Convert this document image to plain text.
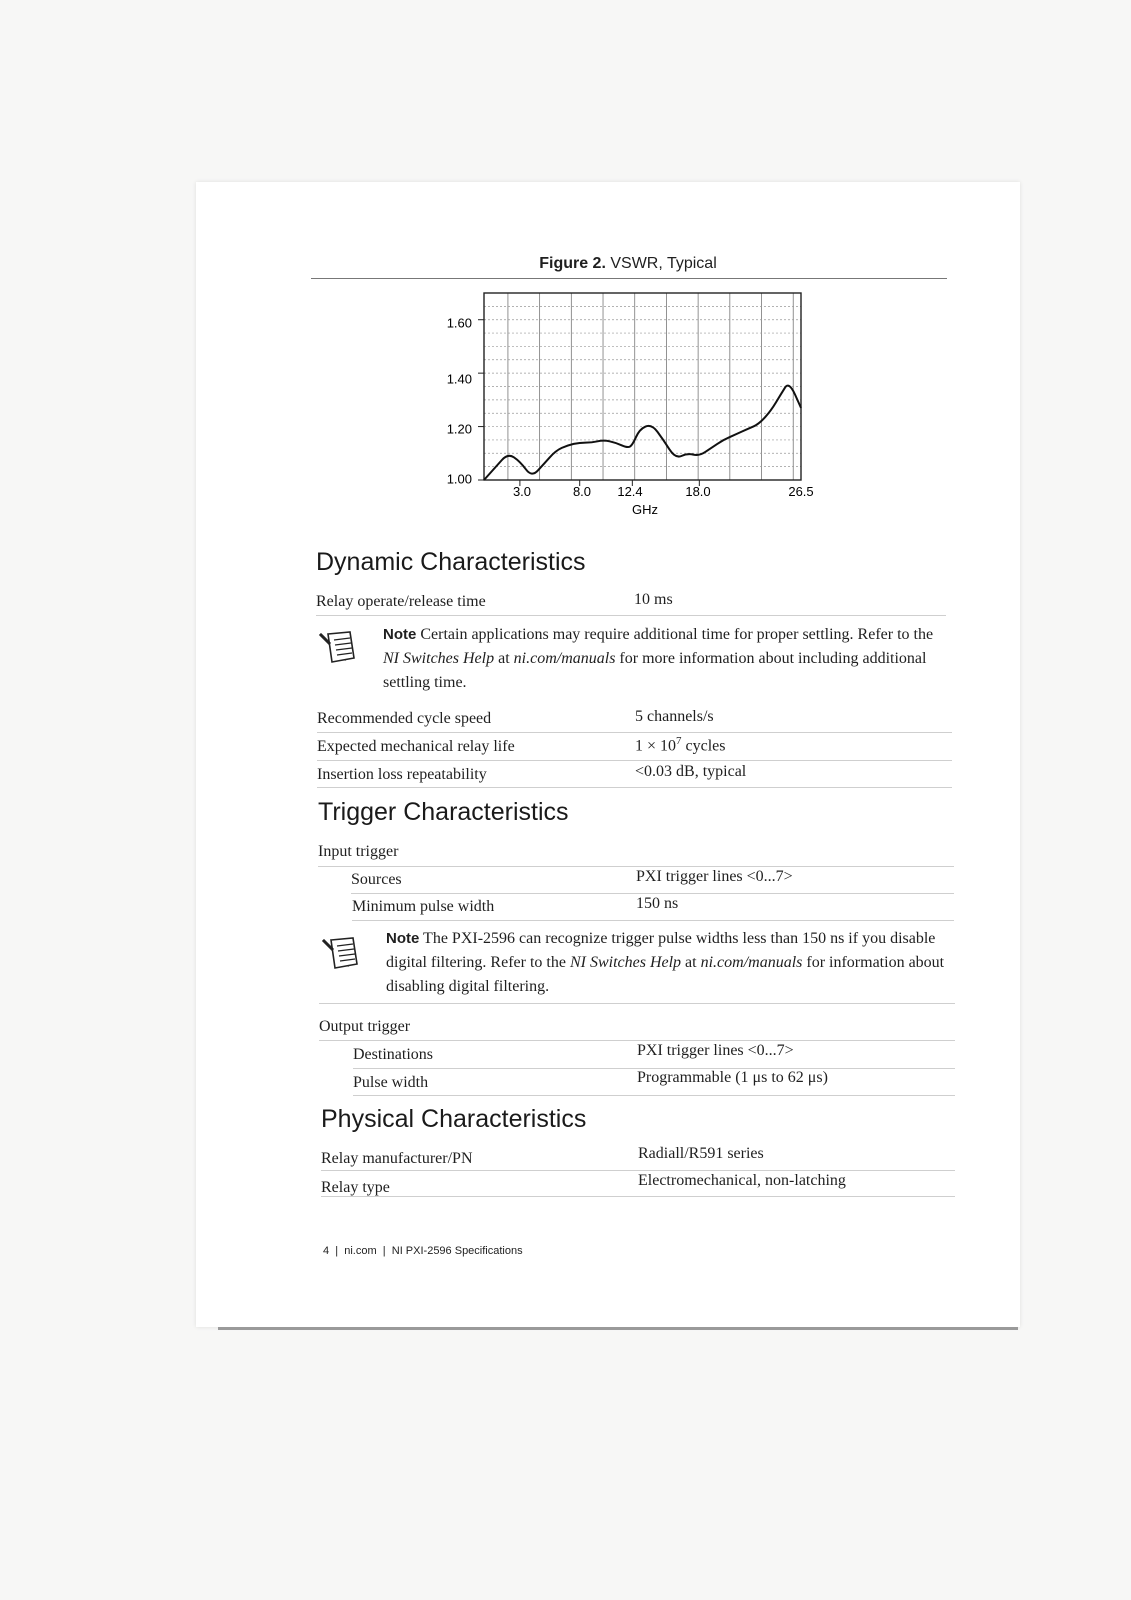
Figure 2. VSWR, Typical
1.00
1.20
1.40
1.60
3.0	8.0 12.4	18.0	26.5
GHz
Dynamic Characteristics
Relay operate/release time	10 ms
Note Certain applications may require additional time for proper settling. Refer to the NI Switches Help at ni.com/manuals for more information about including additional settling time.
Recommended cycle speed	5 channels/s
Expected mechanical relay life	$1 \times 10^7$ cycles
Insertion loss repeatability	<0.03 dB, typical
Trigger Characteristics
Input trigger
Sources	PXI trigger lines <0...7>
Minimum pulse width	150 ns
Note The PXI-2596 can recognize trigger pulse widths less than 150 ns if you disable digital filtering. Refer to the NI Switches Help at ni.com/manuals for information about disabling digital filtering.
Output trigger
Destinations	PXI trigger lines <0...7>
Pulse width	Programmable (1 μs to 62 μs)
Physical Characteristics
Relay manufacturer/PN	Radiall/R591 series
Relay type	Electromechanical, non-latching
4 | ni.com | NI PXI-2596 Specifications
